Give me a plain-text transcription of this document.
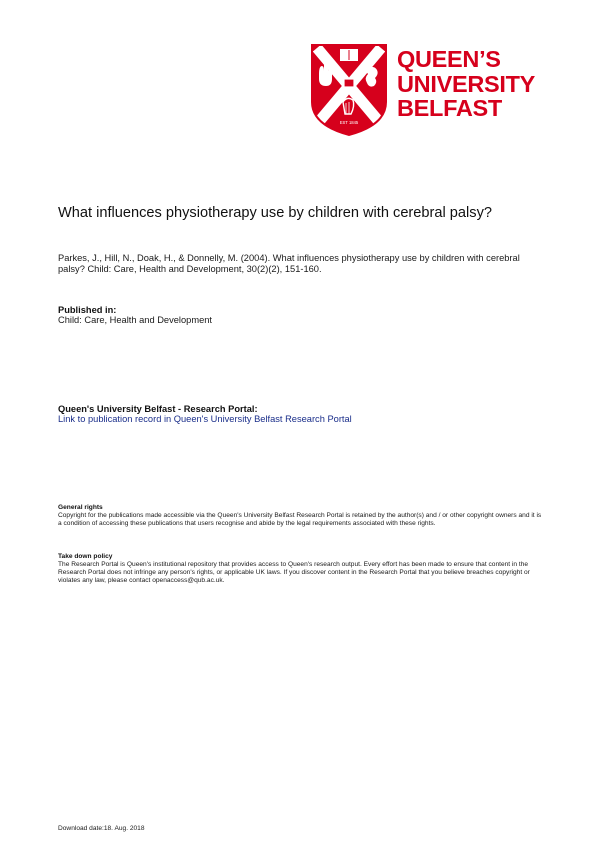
EST 1845
QUEEN’S
UNIVERSITY
BELFAST
What influences physiotherapy use by children with cerebral palsy?
Parkes, J., Hill, N., Doak, H., & Donnelly, M. (2004). What influences physiotherapy use by children with cerebral palsy? Child: Care, Health and Development, 30(2)(2), 151-160.
Published in:
Child: Care, Health and Development
Queen's University Belfast - Research Portal:
Link to publication record in Queen's University Belfast Research Portal
General rights
Copyright for the publications made accessible via the Queen's University Belfast Research Portal is retained by the author(s) and / or other copyright owners and it is a condition of accessing these publications that users recognise and abide by the legal requirements associated with these rights.
Take down policy
The Research Portal is Queen's institutional repository that provides access to Queen's research output. Every effort has been made to ensure that content in the Research Portal does not infringe any person's rights, or applicable UK laws. If you discover content in the Research Portal that you believe breaches copyright or violates any law, please contact openaccess@qub.ac.uk.
Download date:18. Aug. 2018
